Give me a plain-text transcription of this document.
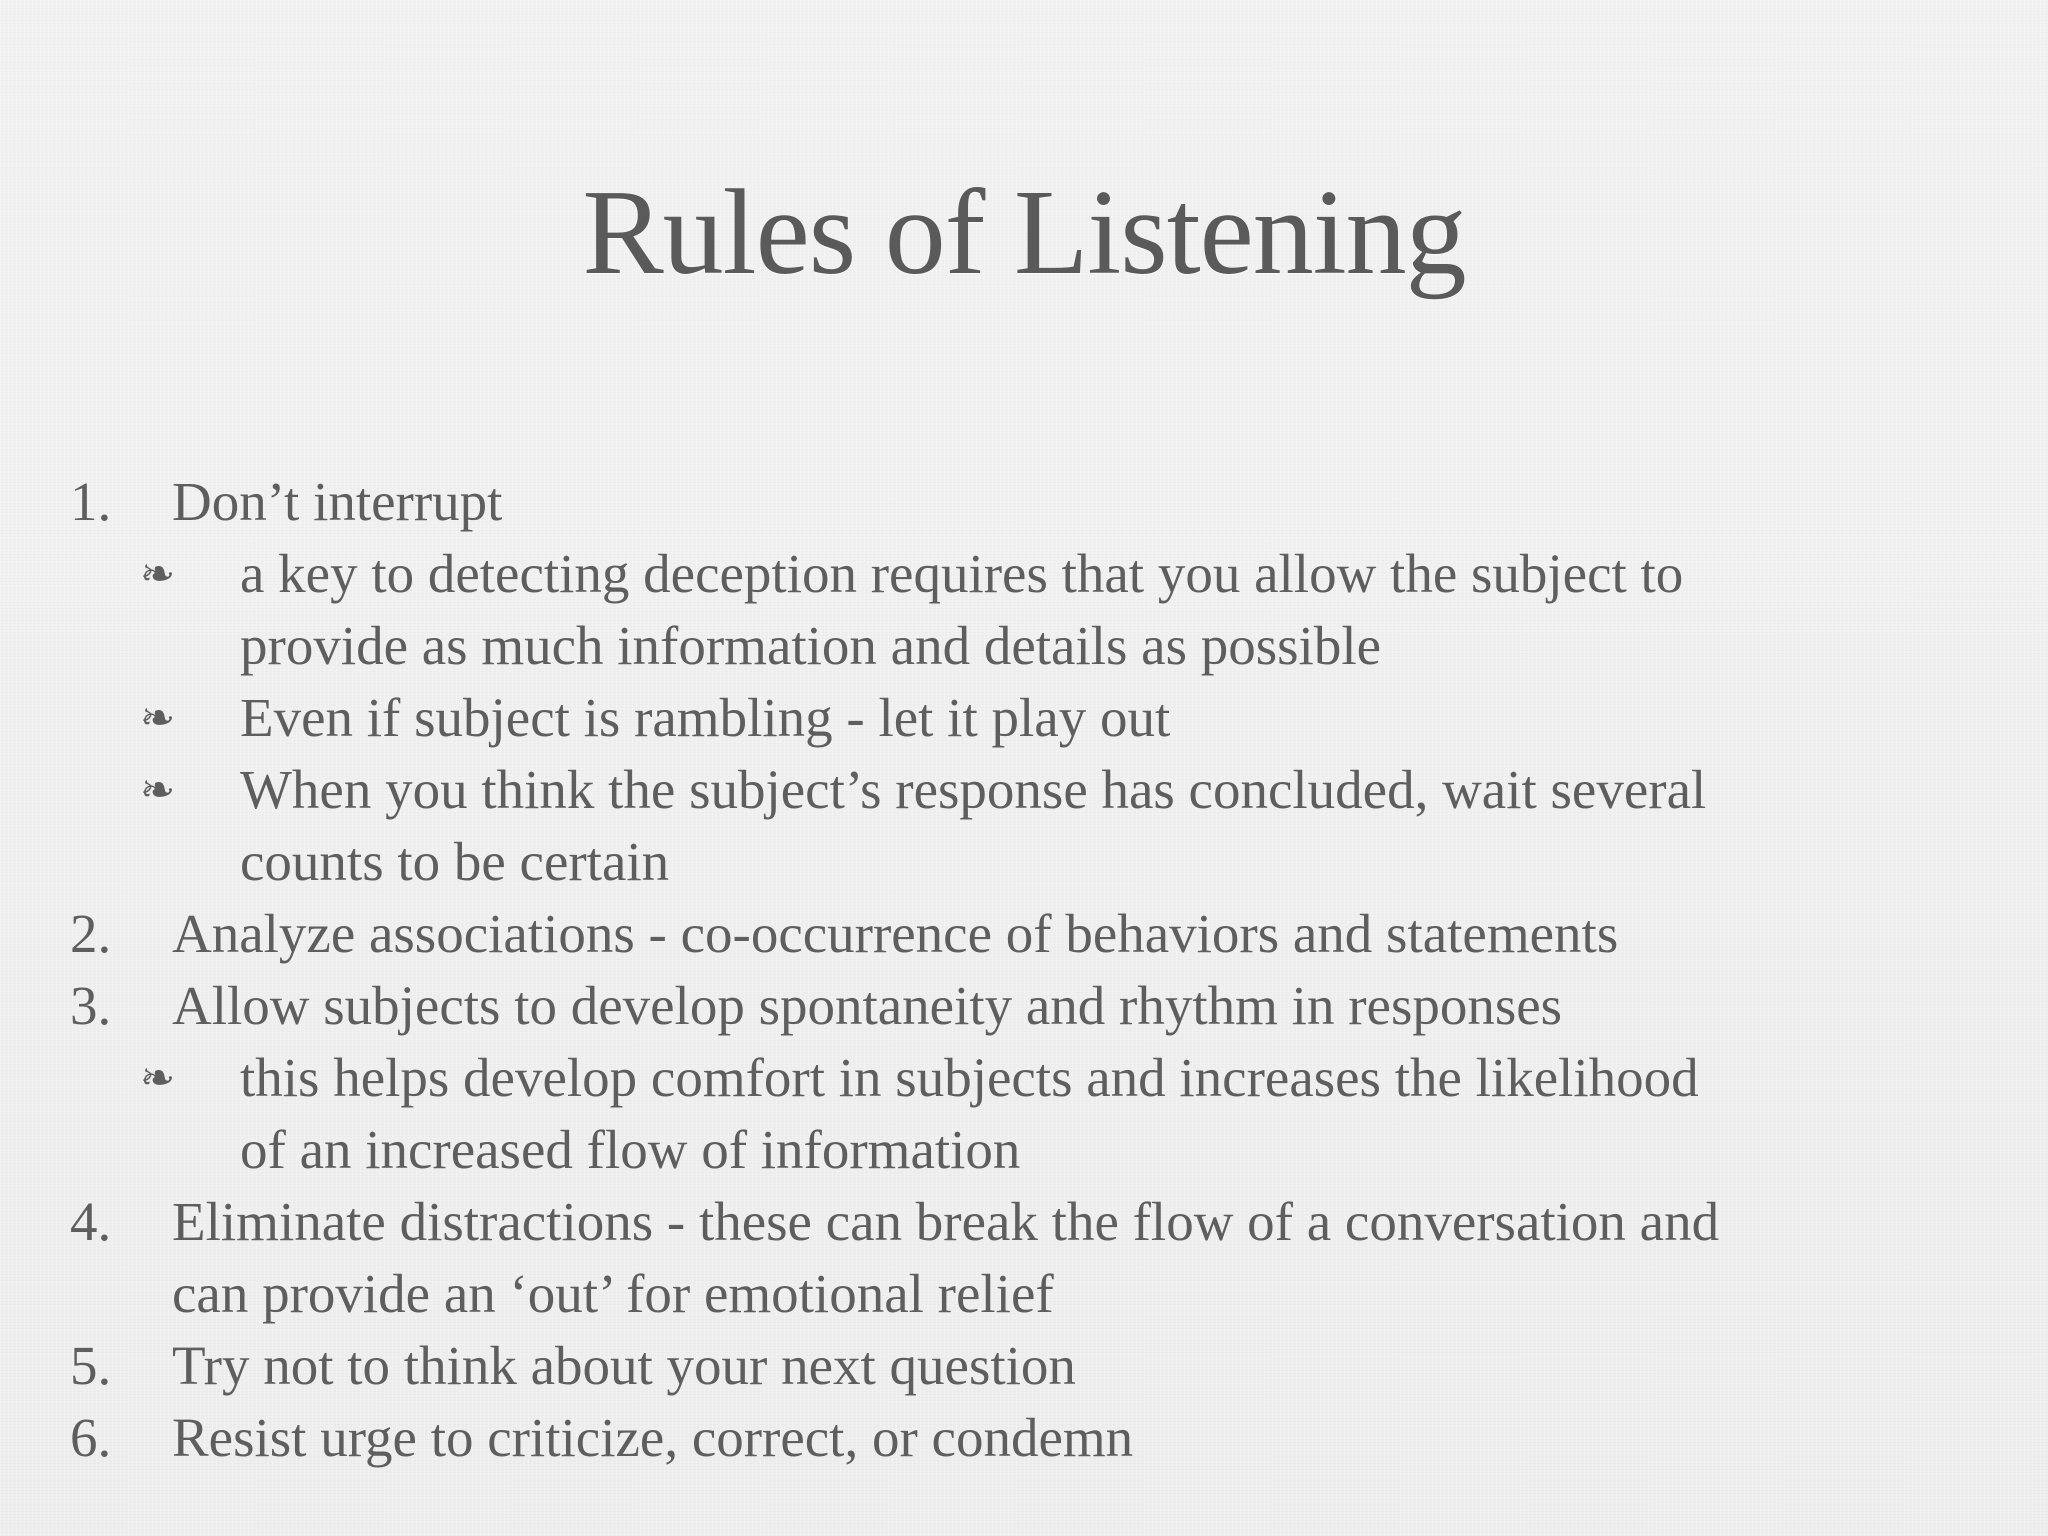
Rules of Listening
1. Don’t interrupt
❧ a key to detecting deception requires that you allow the subject to
provide as much information and details as possible
❧ Even if subject is rambling - let it play out
❧ When you think the subject’s response has concluded, wait several
counts to be certain
2. Analyze associations - co-occurrence of behaviors and statements
3. Allow subjects to develop spontaneity and rhythm in responses
❧ this helps develop comfort in subjects and increases the likelihood
of an increased flow of information
4. Eliminate distractions - these can break the flow of a conversation and
can provide an ‘out’ for emotional relief
5. Try not to think about your next question
6. Resist urge to criticize, correct, or condemn
